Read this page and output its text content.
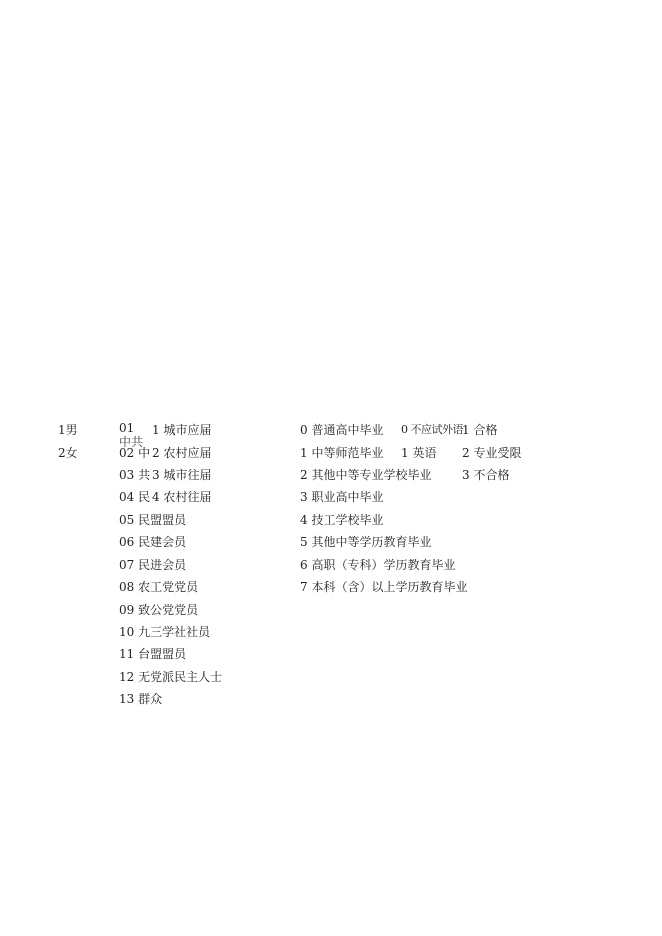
1男
2女
01
中共
02 中
03 共
04 民
05 民盟盟员
06 民建会员
07 民进会员
08 农工党党员
09 致公党党员
10 九三学社社员
11 台盟盟员
12 无党派民主人士
13 群众
1 城市应届
2 农村应届
3 城市往届
4 农村往届
0 普通高中毕业
1 中等师范毕业
2 其他中等专业学校毕业
3 职业高中毕业
4 技工学校毕业
5 其他中等学历教育毕业
6 高职（专科）学历教育毕业
7 本科（含）以上学历教育毕业
0 不应试外语
1 英语
1 合格
2 专业受限
3 不合格
